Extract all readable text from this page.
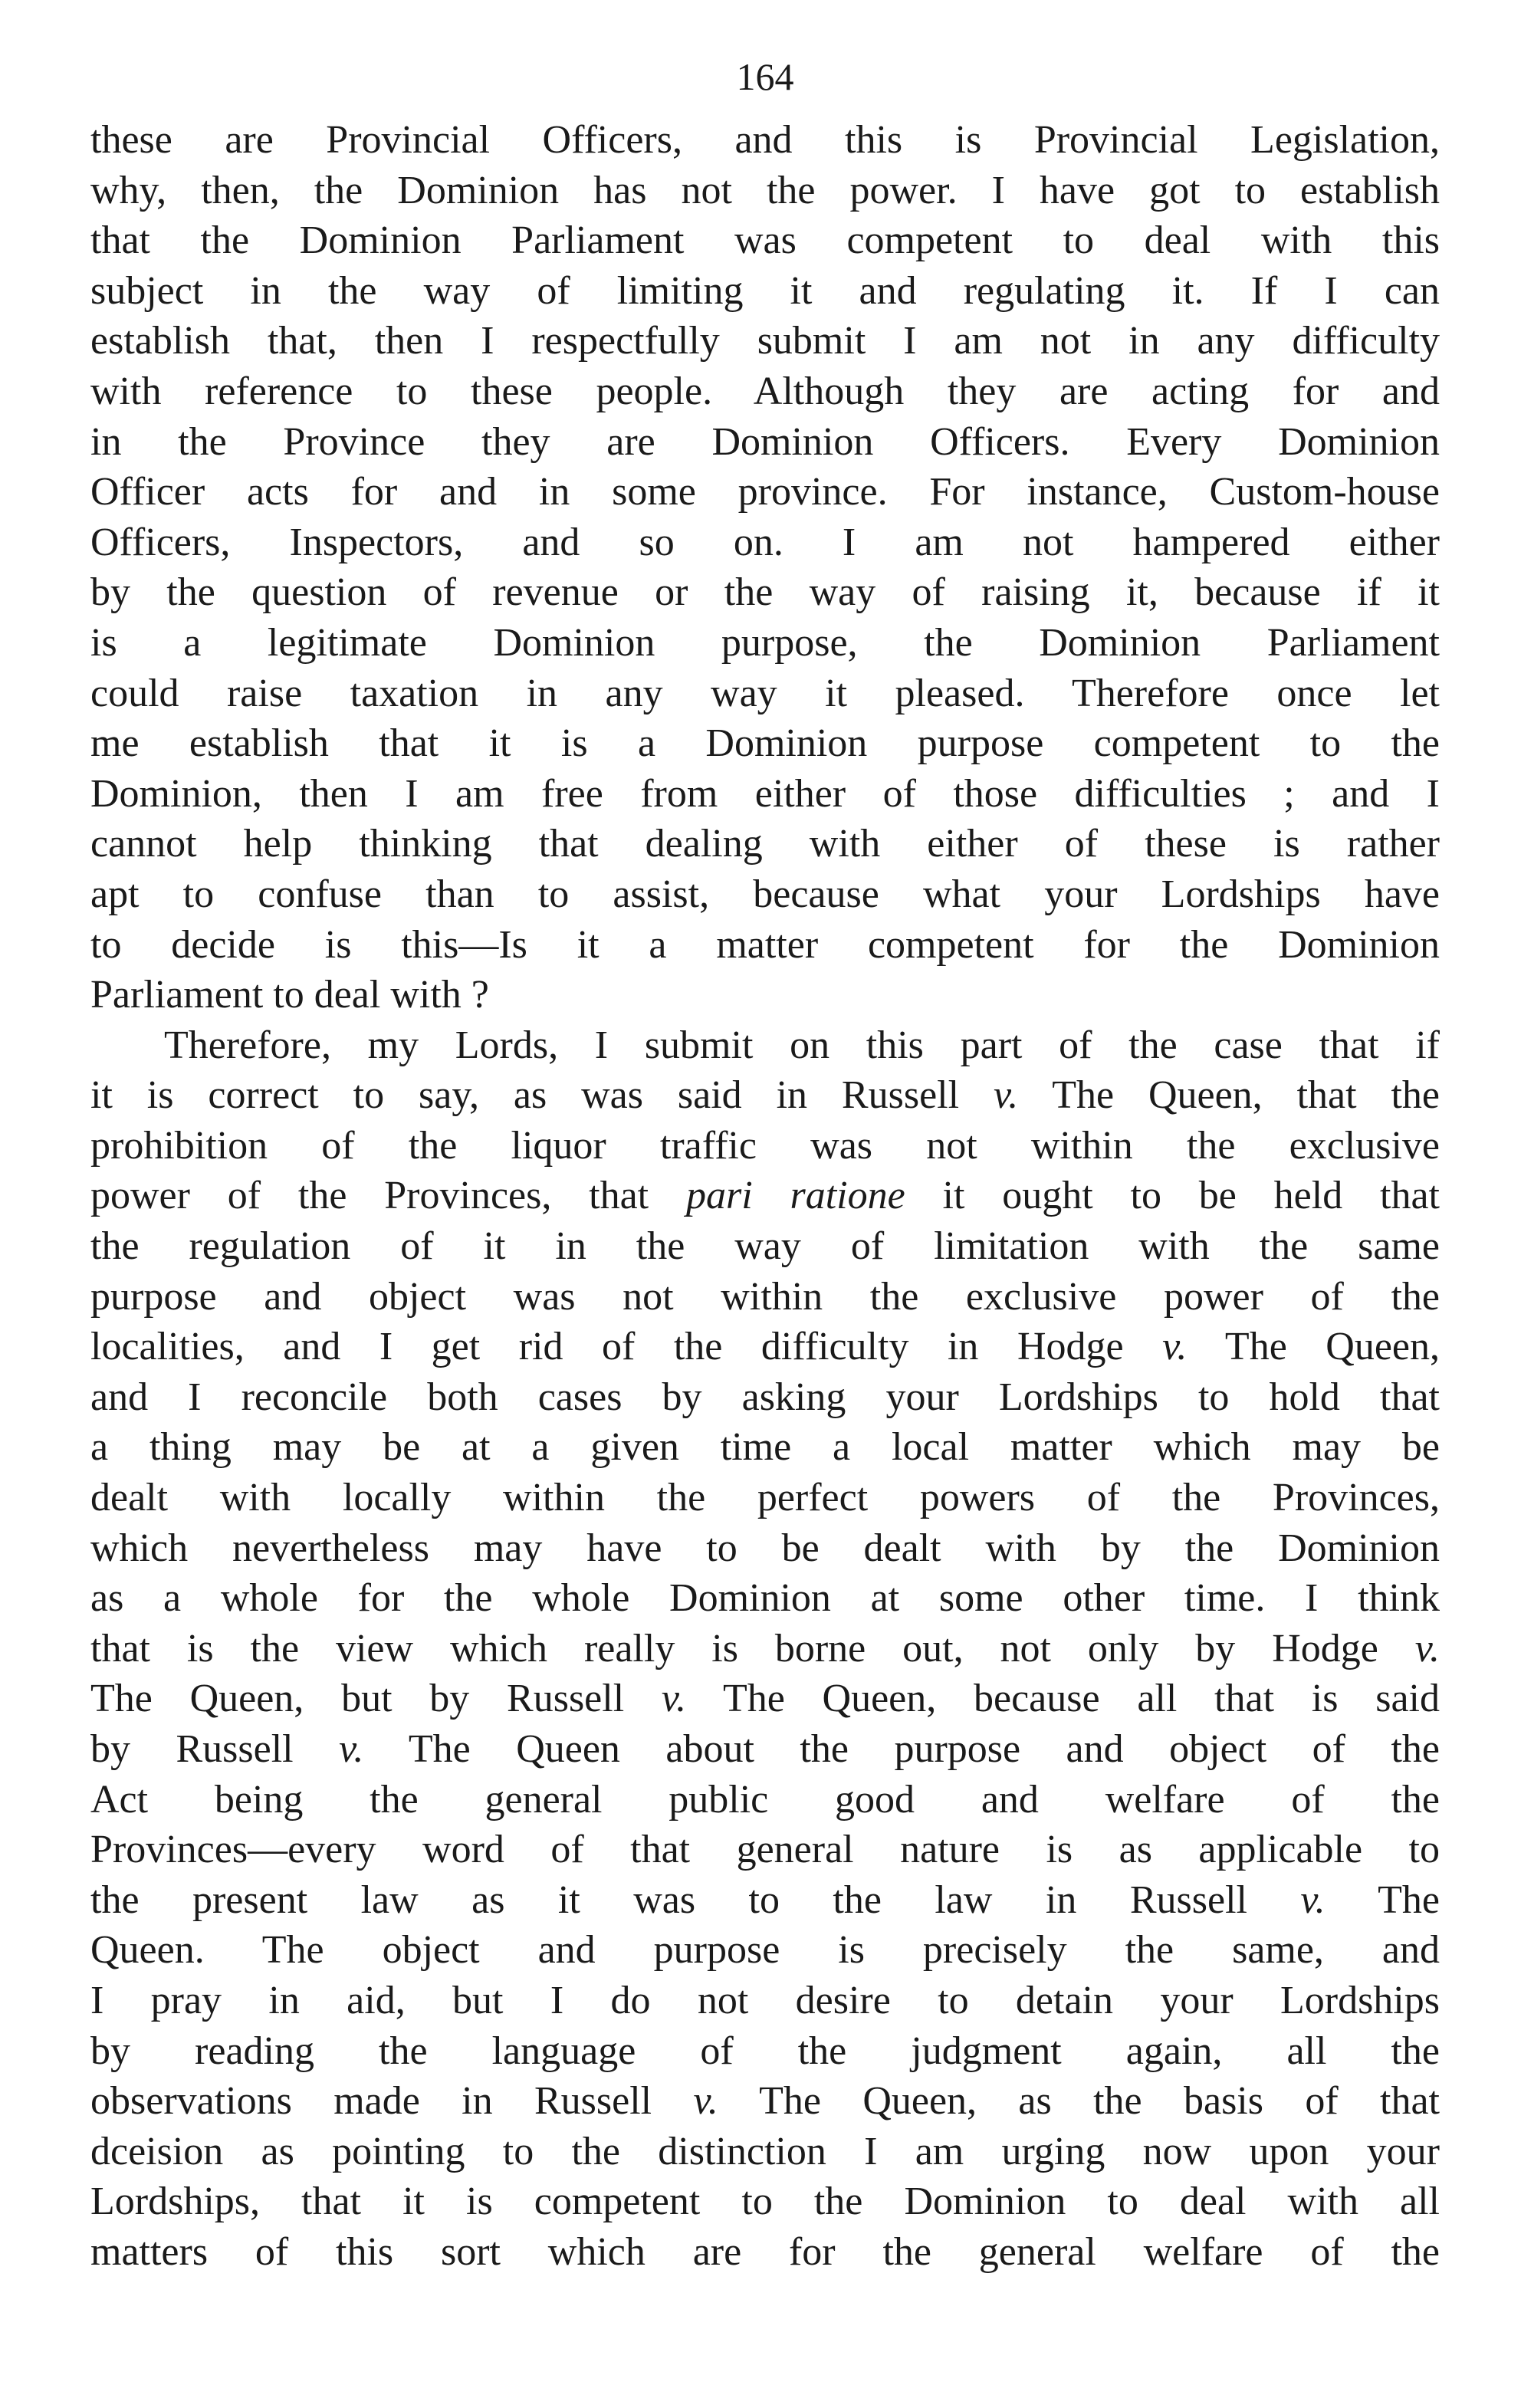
164
these are Provincial Officers, and this is Provincial Legislation,
why, then, the Dominion has not the power. I have got to establish
that the Dominion Parliament was competent to deal with this
subject in the way of limiting it and regulating it. If I can
establish that, then I respectfully submit I am not in any difficulty
with reference to these people. Although they are acting for and
in the Province they are Dominion Officers. Every Dominion
Officer acts for and in some province. For instance, Custom-house
Officers, Inspectors, and so on. I am not hampered either
by the question of revenue or the way of raising it, because if it
is a legitimate Dominion purpose, the Dominion Parliament
could raise taxation in any way it pleased. Therefore once let
me establish that it is a Dominion purpose competent to the
Dominion, then I am free from either of those difficulties ; and I
cannot help thinking that dealing with either of these is rather
apt to confuse than to assist, because what your Lordships have
to decide is this—Is it a matter competent for the Dominion
Parliament to deal with ?
Therefore, my Lords, I submit on this part of the case that if
it is correct to say, as was said in Russell v. The Queen, that the
prohibition of the liquor traffic was not within the exclusive
power of the Provinces, that pari ratione it ought to be held that
the regulation of it in the way of limitation with the same
purpose and object was not within the exclusive power of the
localities, and I get rid of the difficulty in Hodge v. The Queen,
and I reconcile both cases by asking your Lordships to hold that
a thing may be at a given time a local matter which may be
dealt with locally within the perfect powers of the Provinces,
which nevertheless may have to be dealt with by the Dominion
as a whole for the whole Dominion at some other time. I think
that is the view which really is borne out, not only by Hodge v.
The Queen, but by Russell v. The Queen, because all that is said
by Russell v. The Queen about the purpose and object of the
Act being the general public good and welfare of the
Provinces—every word of that general nature is as applicable to
the present law as it was to the law in Russell v. The
Queen. The object and purpose is precisely the same, and
I pray in aid, but I do not desire to detain your Lordships
by reading the language of the judgment again, all the
observations made in Russell v. The Queen, as the basis of that
dceision as pointing to the distinction I am urging now upon your
Lordships, that it is competent to the Dominion to deal with all
matters of this sort which are for the general welfare of the
